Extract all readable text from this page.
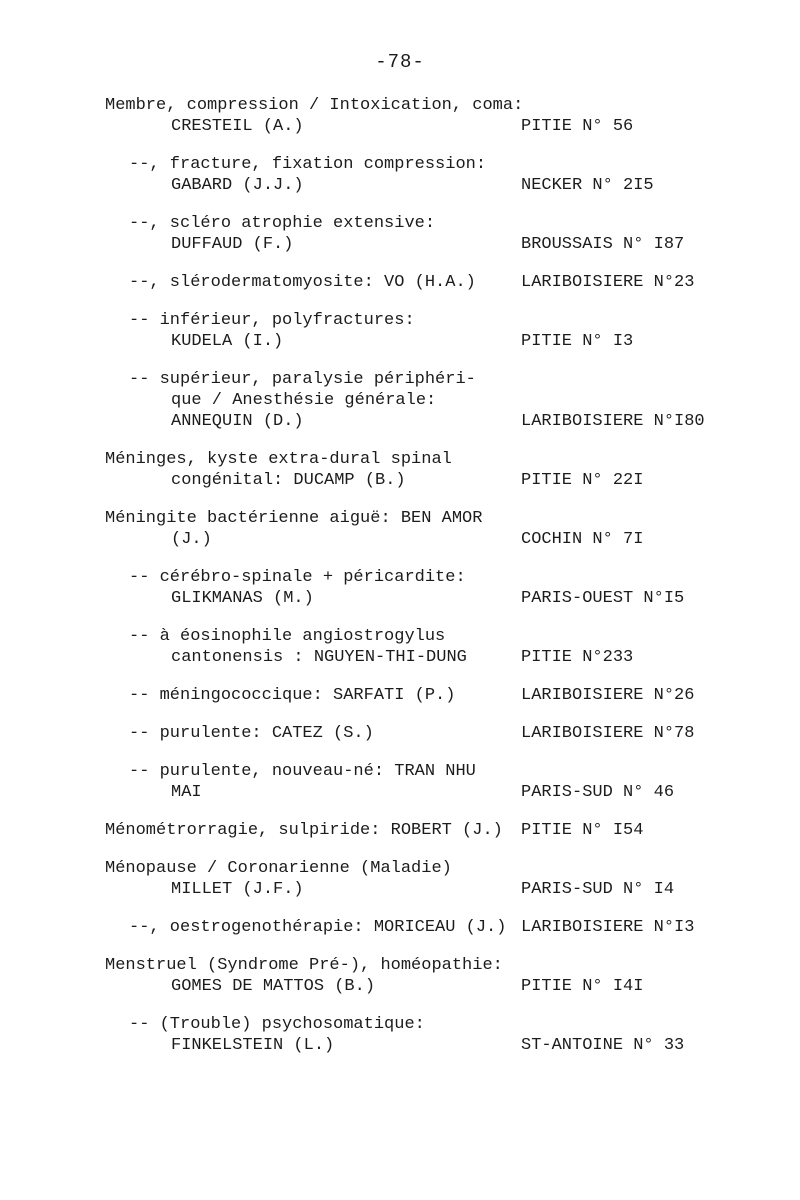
-78-
Membre, compression / Intoxication, coma:
CRESTEIL (A.)	PITIE N° 56
--, fracture, fixation compression:
GABARD (J.J.)	NECKER N° 2I5
--, scléro atrophie extensive:
DUFFAUD (F.)	BROUSSAIS N° I87
--, slérodermatomyosite: VO (H.A.)	LARIBOISIERE N°23
-- inférieur, polyfractures:
KUDELA (I.)	PITIE N° I3
-- supérieur, paralysie périphéri-
que / Anesthésie générale:
ANNEQUIN (D.)	LARIBOISIERE N°I80
Méninges, kyste extra-dural spinal
congénital: DUCAMP (B.)	PITIE N° 22I
Méningite bactérienne aiguë: BEN AMOR
(J.)	COCHIN N° 7I
-- cérébro-spinale + péricardite:
GLIKMANAS (M.)	PARIS-OUEST N°I5
-- à éosinophile angiostrogylus
cantonensis : NGUYEN-THI-DUNG	PITIE N°233
-- méningococcique: SARFATI (P.)	LARIBOISIERE N°26
-- purulente: CATEZ (S.)	LARIBOISIERE N°78
-- purulente, nouveau-né: TRAN NHU
MAI	PARIS-SUD N° 46
Ménométrorragie, sulpiride: ROBERT (J.) PITIE N° I54
Ménopause / Coronarienne (Maladie)
MILLET (J.F.)	PARIS-SUD N° I4
--, oestrogenothérapie: MORICEAU (J.) LARIBOISIERE N°I3
Menstruel (Syndrome Pré-), homéopathie:
GOMES DE MATTOS (B.)	PITIE N° I4I
-- (Trouble) psychosomatique:
FINKELSTEIN (L.)	ST-ANTOINE N° 33
